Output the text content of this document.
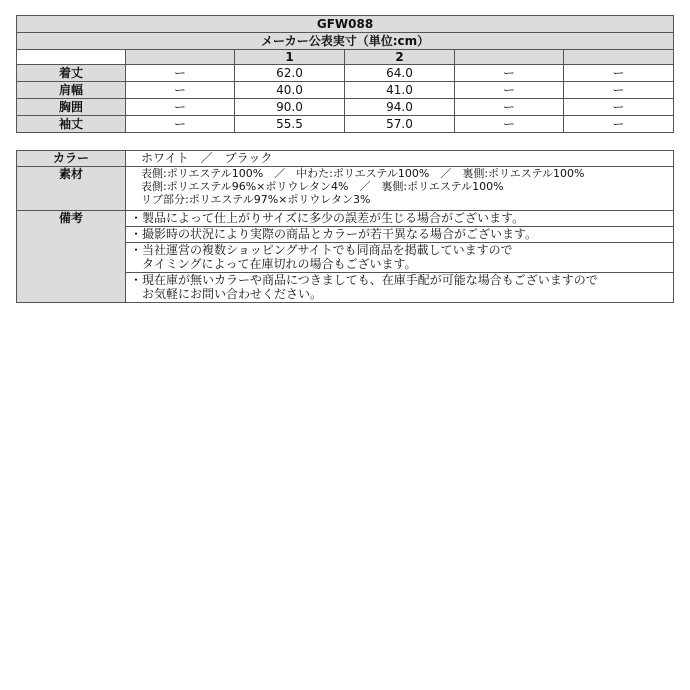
GFW088					
メーカー公表実寸（単位:cm）					
		1	2		
着丈	ー	62.0	64.0	ー	ー
肩幅	ー	40.0	41.0	ー	ー
胸囲	ー	90.0	94.0	ー	ー
袖丈	ー	55.5	57.0	ー	ー
カラー	ホワイト　／　ブラック
素材	表側:ポリエステル100%　／　中わた:ポリエステル100%　／　裏側:ポリエステル100%
表側:ポリエステル96%×ポリウレタン4%　／　裏側:ポリエステル100%
リブ部分:ポリエステル97%×ポリウレタン3%

備考	・製品によって仕上がりサイズに多少の誤差が生じる場合がございます。

	・撮影時の状況により実際の商品とカラーが若干異なる場合がございます。

	・当社運営の複数ショッピングサイトでも同商品を掲載していますので
　タイミングによって在庫切れの場合もございます。

	・現在庫が無いカラーや商品につきましても、在庫手配が可能な場合もございますので
　お気軽にお問い合わせください。
